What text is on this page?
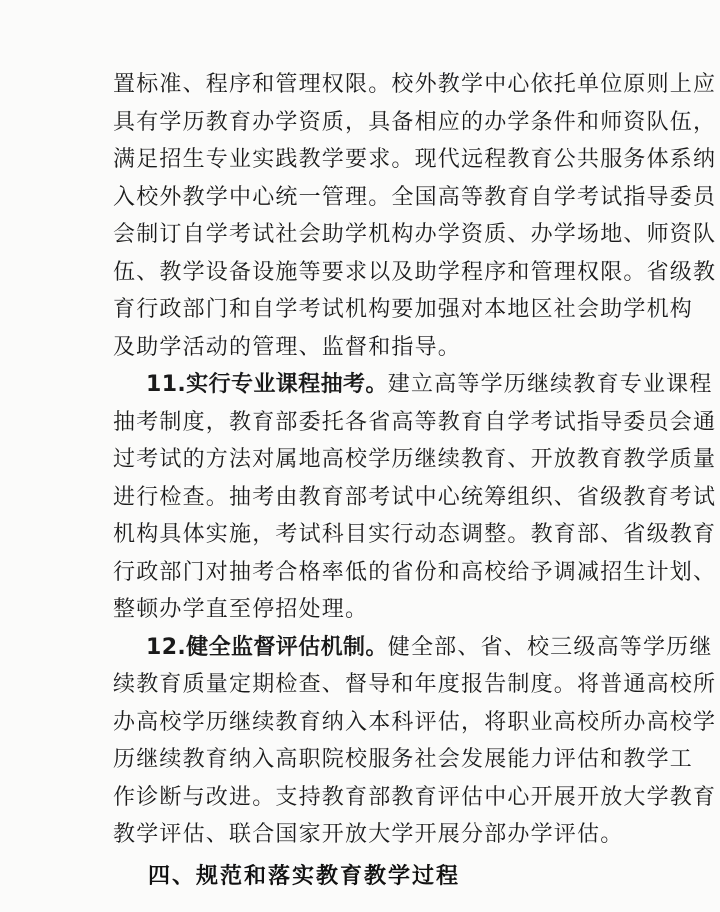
置标准、程序和管理权限。校外教学中心依托单位原则上应
具有学历教育办学资质，具备相应的办学条件和师资队伍，
满足招生专业实践教学要求。现代远程教育公共服务体系纳
入校外教学中心统一管理。全国高等教育自学考试指导委员
会制订自学考试社会助学机构办学资质、办学场地、师资队
伍、教学设备设施等要求以及助学程序和管理权限。省级教
育行政部门和自学考试机构要加强对本地区社会助学机构
及助学活动的管理、监督和指导。
11.实行专业课程抽考。建立高等学历继续教育专业课程
抽考制度，教育部委托各省高等教育自学考试指导委员会通
过考试的方法对属地高校学历继续教育、开放教育教学质量
进行检查。抽考由教育部考试中心统筹组织、省级教育考试
机构具体实施，考试科目实行动态调整。教育部、省级教育
行政部门对抽考合格率低的省份和高校给予调减招生计划、
整顿办学直至停招处理。
12.健全监督评估机制。健全部、省、校三级高等学历继
续教育质量定期检查、督导和年度报告制度。将普通高校所
办高校学历继续教育纳入本科评估，将职业高校所办高校学
历继续教育纳入高职院校服务社会发展能力评估和教学工
作诊断与改进。支持教育部教育评估中心开展开放大学教育
教学评估、联合国家开放大学开展分部办学评估。
四、规范和落实教育教学过程
